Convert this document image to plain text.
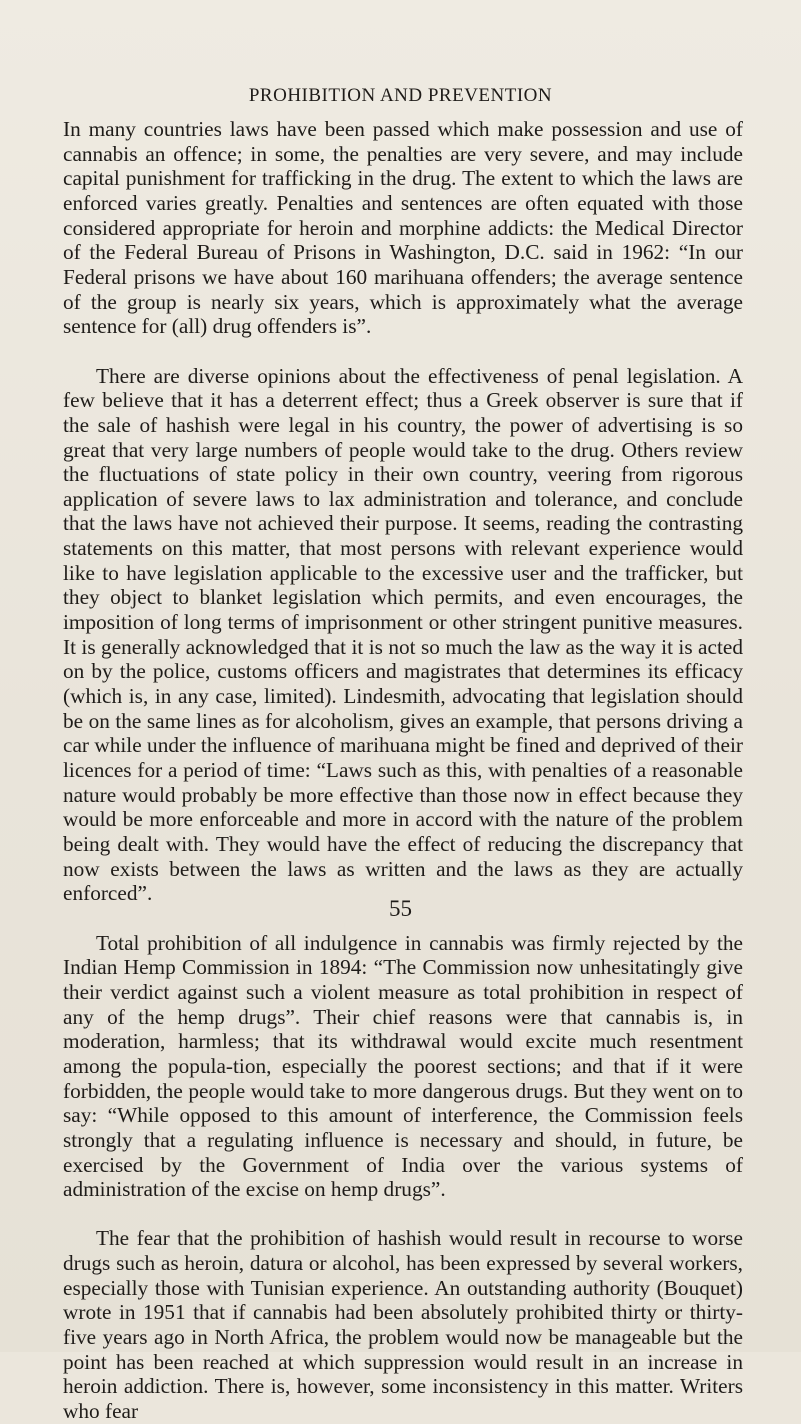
PROHIBITION AND PREVENTION

In many countries laws have been passed which make possession and use of cannabis an offence; in some, the penalties are very severe, and may include capital punishment for trafficking in the drug. The extent to which the laws are enforced varies greatly. Penalties and sentences are often equated with those considered appropriate for heroin and morphine addicts: the Medical Director of the Federal Bureau of Prisons in Washington, D.C. said in 1962: “In our Federal prisons we have about 160 marihuana offenders; the average sentence of the group is nearly six years, which is approximately what the average sentence for (all) drug offenders is”.

There are diverse opinions about the effectiveness of penal legislation. A few believe that it has a deterrent effect; thus a Greek observer is sure that if the sale of hashish were legal in his country, the power of advertising is so great that very large numbers of people would take to the drug. Others review the fluctuations of state policy in their own country, veering from rigorous application of severe laws to lax administration and tolerance, and conclude that the laws have not achieved their purpose. It seems, reading the contrasting statements on this matter, that most persons with relevant experience would like to have legislation applicable to the excessive user and the trafficker, but they object to blanket legislation which permits, and even encourages, the imposition of long terms of imprisonment or other stringent punitive measures. It is generally acknowledged that it is not so much the law as the way it is acted on by the police, customs officers and magistrates that determines its efficacy (which is, in any case, limited). Lindesmith, advocating that legislation should be on the same lines as for alcoholism, gives an example, that persons driving a car while under the influence of marihuana might be fined and deprived of their licences for a period of time: “Laws such as this, with penalties of a reasonable nature would probably be more effective than those now in effect because they would be more enforceable and more in accord with the nature of the problem being dealt with. They would have the effect of reducing the discrepancy that now exists between the laws as written and the laws as they are actually enforced”.

Total prohibition of all indulgence in cannabis was firmly rejected by the Indian Hemp Commission in 1894: “The Commission now unhesitatingly give their verdict against such a violent measure as total prohibition in respect of any of the hemp drugs”. Their chief reasons were that cannabis is, in moderation, harmless; that its withdrawal would excite much resentment among the popula-tion, especially the poorest sections; and that if it were forbidden, the people would take to more dangerous drugs. But they went on to say: “While opposed to this amount of interference, the Commission feels strongly that a regulating influence is necessary and should, in future, be exercised by the Government of India over the various systems of administration of the excise on hemp drugs”.

The fear that the prohibition of hashish would result in recourse to worse drugs such as heroin, datura or alcohol, has been expressed by several workers, especially those with Tunisian experience. An outstanding authority (Bouquet) wrote in 1951 that if cannabis had been absolutely prohibited thirty or thirty-five years ago in North Africa, the problem would now be manageable but the point has been reached at which suppression would result in an increase in heroin addiction. There is, however, some inconsistency in this matter. Writers who fear

55
